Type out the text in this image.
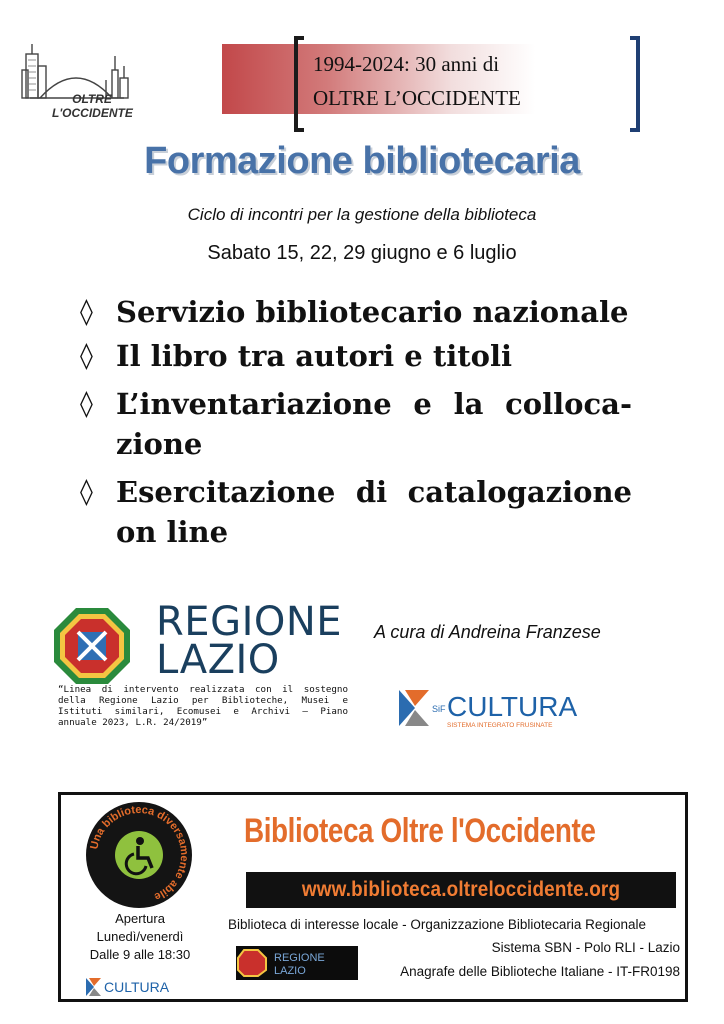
OLTRE
L'OCCIDENTE
1994-2024: 30 anni di
OLTRE L’OCCIDENTE
Formazione bibliotecaria
Ciclo di incontri per la gestione della biblioteca
Sabato 15, 22, 29 giugno e 6 luglio
◊ Servizio bibliotecario nazionale
◊ Il libro tra autori e titoli
◊ L’inventariazione e la colloca-zione
◊ Esercitazione di catalogazione on line
REGIONE
LAZIO
A cura di Andreina Franzese
“Linea di intervento realizzata con il sostegno della Regione Lazio per Biblioteche, Musei e Istituti similari, Ecomusei e Archivi – Piano annuale 2023, L.R. 24/2019”
SiF CULTURA
SISTEMA INTEGRATO FRUSINATE
Una biblioteca diversamente abile
Biblioteca Oltre l'Occidente
www.biblioteca.oltreloccidente.org
Apertura
Lunedì/venerdì
Dalle 9 alle 18:30
Biblioteca di interesse locale - Organizzazione Bibliotecaria Regionale
Sistema SBN - Polo RLI - Lazio
Anagrafe delle Biblioteche Italiane - IT-FR0198
REGIONE
LAZIO
CULTURA
